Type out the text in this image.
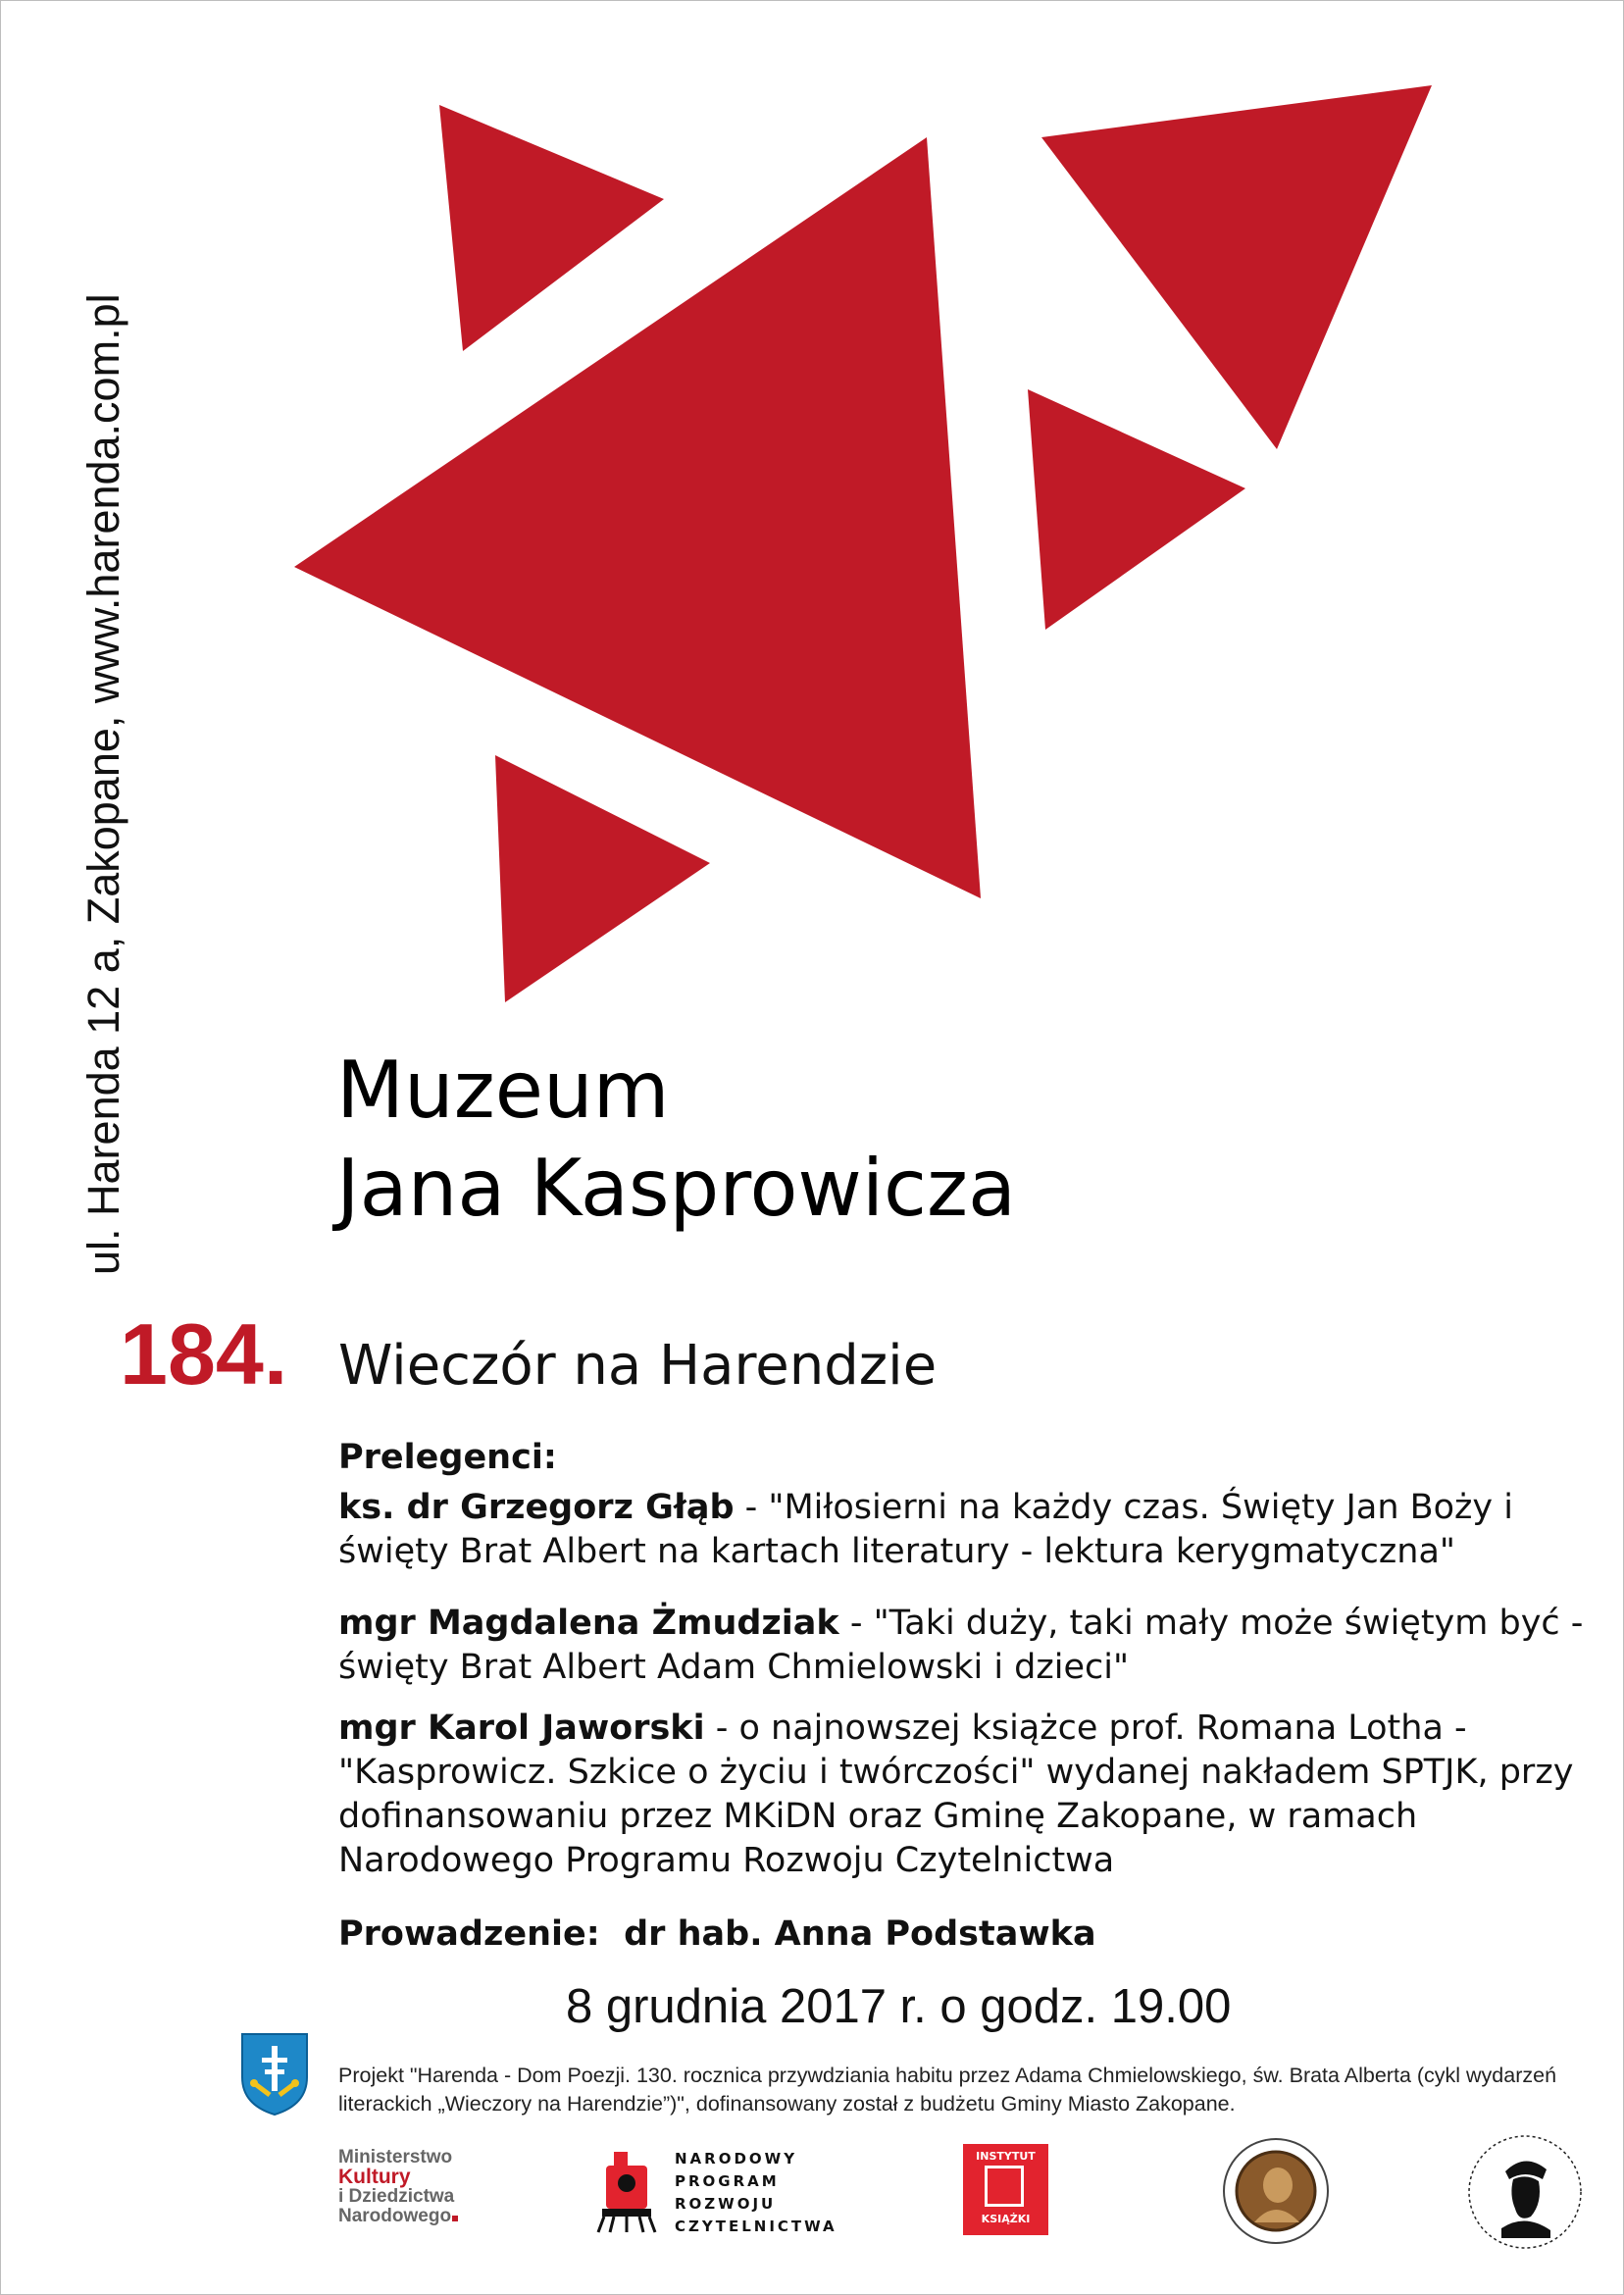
ul. Harenda 12 a, Zakopane, www.harenda.com.pl	Muzeum
Jana Kasprowicza
184. Wieczór na Harendzie
Prelegenci:
ks. dr Grzegorz Głąb - "Miłosierni na każdy czas. Święty Jan Boży i święty Brat Albert na kartach literatury - lektura kerygmatyczna"
mgr Magdalena Żmudziak - "Taki duży, taki mały może świętym być - święty Brat Albert Adam Chmielowski i dzieci"
mgr Karol Jaworski - o najnowszej książce prof. Romana Lotha - "Kasprowicz. Szkice o życiu i twórczości" wydanej nakładem SPTJK, przy dofinansowaniu przez MKiDN oraz Gminę Zakopane, w ramach Narodowego Programu Rozwoju Czytelnictwa
Prowadzenie: dr hab. Anna Podstawka
8 grudnia 2017 r. o godz. 19.00
Projekt "Harenda - Dom Poezji. 130. rocznica przywdziania habitu przez Adama Chmielowskiego, św. Brata Alberta (cykl wydarzeń literackich „Wieczory na Harendzie”)", dofinansowany został z budżetu Gminy Miasto Zakopane.
Ministerstwo
Kultury
i Dziedzictwa
Narodowego
NARODOWY
PROGRAM
ROZWOJU
CZYTELNICTWA
INSTYTUT
KSIĄŻKI
